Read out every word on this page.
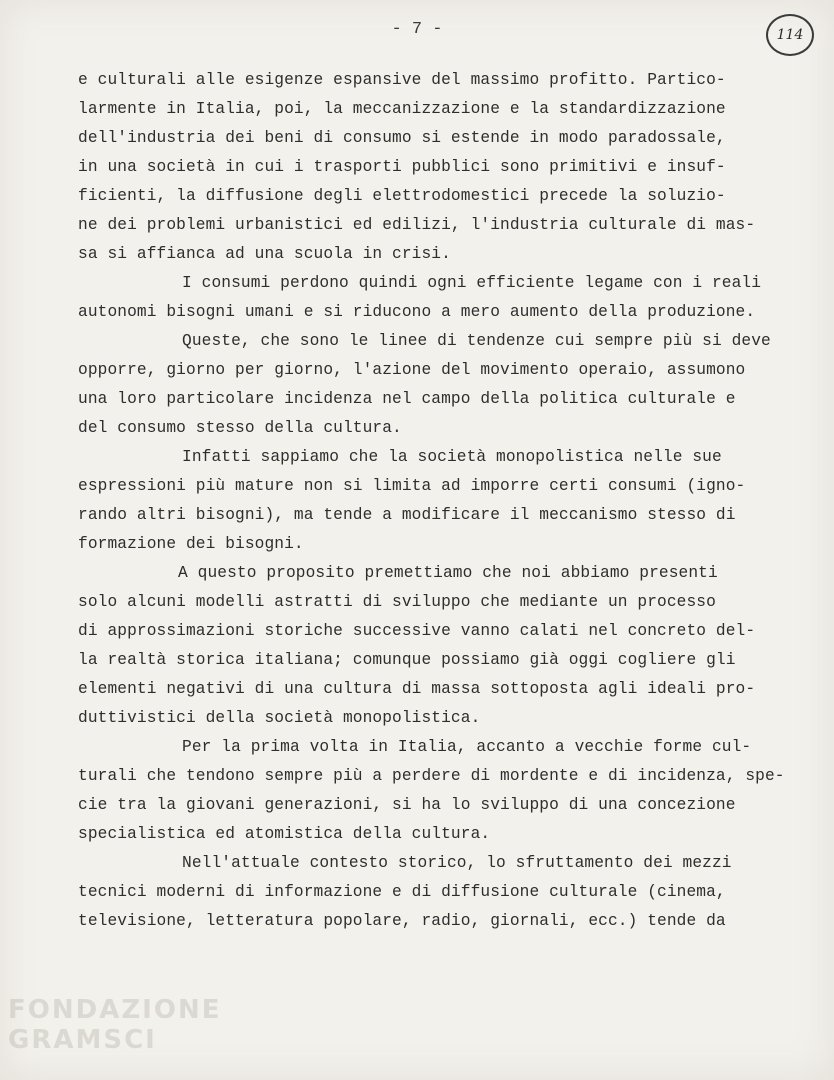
- 7 -	114
e culturali alle esigenze espansive del massimo profitto. Partico-
larmente in Italia, poi, la meccanizzazione e la standardizzazione
dell'industria dei beni di consumo si estende in modo paradossale,
in una società in cui i trasporti pubblici sono primitivi e insuf-
ficienti, la diffusione degli elettrodomestici precede la soluzio-
ne dei problemi urbanistici ed edilizi, l'industria culturale di mas-
sa si affianca ad una scuola in crisi.
I consumi perdono quindi ogni efficiente legame con i reali
autonomi bisogni umani e si riducono a mero aumento della produzione.
Queste, che sono le linee di tendenze cui sempre più si deve
opporre, giorno per giorno, l'azione del movimento operaio, assumono
una loro particolare incidenza nel campo della politica culturale e
del consumo stesso della cultura.
Infatti sappiamo che la società monopolistica nelle sue
espressioni più mature non si limita ad imporre certi consumi (igno-
rando altri bisogni), ma tende a modificare il meccanismo stesso di
formazione dei bisogni.
A questo proposito premettiamo che noi abbiamo presenti
solo alcuni modelli astratti di sviluppo che mediante un processo
di approssimazioni storiche successive vanno calati nel concreto del-
la realtà storica italiana; comunque possiamo già oggi cogliere gli
elementi negativi di una cultura di massa sottoposta agli ideali pro-
duttivistici della società monopolistica.
Per la prima volta in Italia, accanto a vecchie forme cul-
turali che tendono sempre più a perdere di mordente e di incidenza, spe-
cie tra la giovani generazioni, si ha lo sviluppo di una concezione
specialistica ed atomistica della cultura.
Nell'attuale contesto storico, lo sfruttamento dei mezzi
tecnici moderni di informazione e di diffusione culturale (cinema,
televisione, letteratura popolare, radio, giornali, ecc.) tende da
FONDAZIONE
GRAMSCI
